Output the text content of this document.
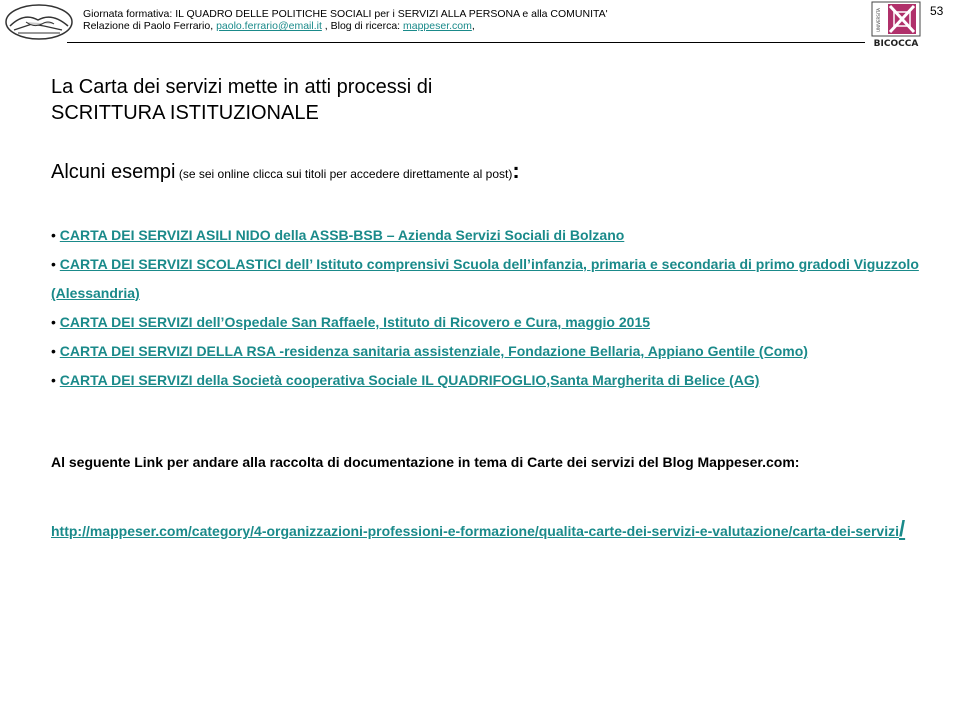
Giornata formativa: IL QUADRO DELLE POLITICHE SOCIALI per i SERVIZI ALLA PERSONA e alla COMUNITA'
Relazione di Paolo Ferrario, paolo.ferrario@email.it , Blog di ricerca: mappeser.com,	UNIVERSITA
BICOCCA
53
La Carta dei servizi mette in atti processi di
SCRITTURA ISTITUZIONALE
Alcuni esempi (se sei online clicca sui titoli per accedere direttamente al post):
• CARTA DEI SERVIZI ASILI NIDO della ASSB-BSB – Azienda Servizi Sociali di Bolzano
• CARTA DEI SERVIZI SCOLASTICI dell’ Istituto comprensivi Scuola dell’infanzia, primaria e secondaria di primo gradodi Viguzzolo (Alessandria)
• CARTA DEI SERVIZI dell’Ospedale San Raffaele, Istituto di Ricovero e Cura, maggio 2015
• CARTA DEI SERVIZI DELLA RSA -residenza sanitaria assistenziale, Fondazione Bellaria, Appiano Gentile (Como)
• CARTA DEI SERVIZI della Società cooperativa Sociale IL QUADRIFOGLIO,Santa Margherita di Belice (AG)
Al seguente Link per andare alla raccolta di documentazione in tema di Carte dei servizi del Blog Mappeser.com:
http://mappeser.com/category/4-organizzazioni-professioni-e-formazione/qualita-carte-dei-servizi-e-valutazione/carta-dei-servizi/
